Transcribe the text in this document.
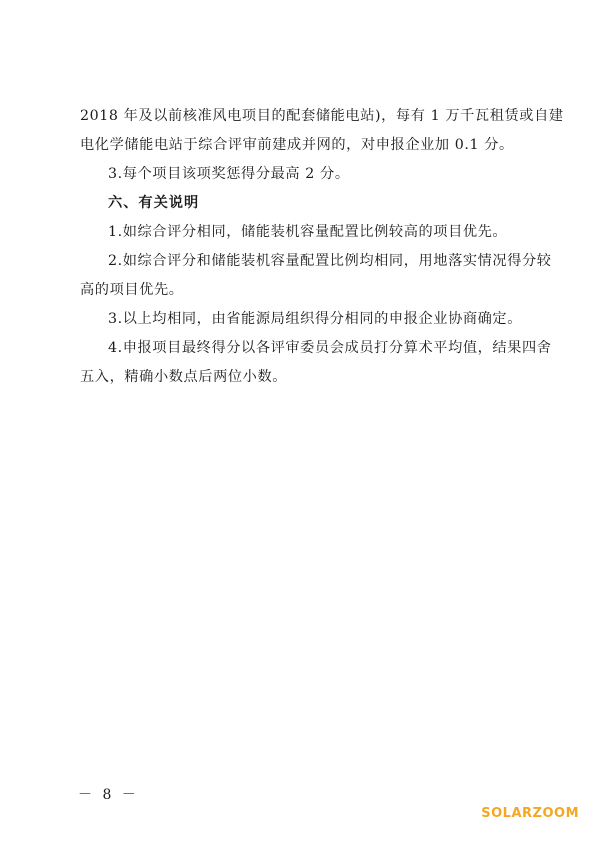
2018 年及以前核准风电项目的配套储能电站)，每有 1 万千瓦租赁或自建

电化学储能电站于综合评审前建成并网的，对申报企业加 0.1 分。

3.每个项目该项奖惩得分最高 2 分。

六、有关说明

1.如综合评分相同，储能装机容量配置比例较高的项目优先。

2.如综合评分和储能装机容量配置比例均相同，用地落实情况得分较

高的项目优先。

3.以上均相同，由省能源局组织得分相同的申报企业协商确定。

4.申报项目最终得分以各评审委员会成员打分算术平均值，结果四舍

五入，精确小数点后两位小数。

－ 8 －
SOLARZOOM
